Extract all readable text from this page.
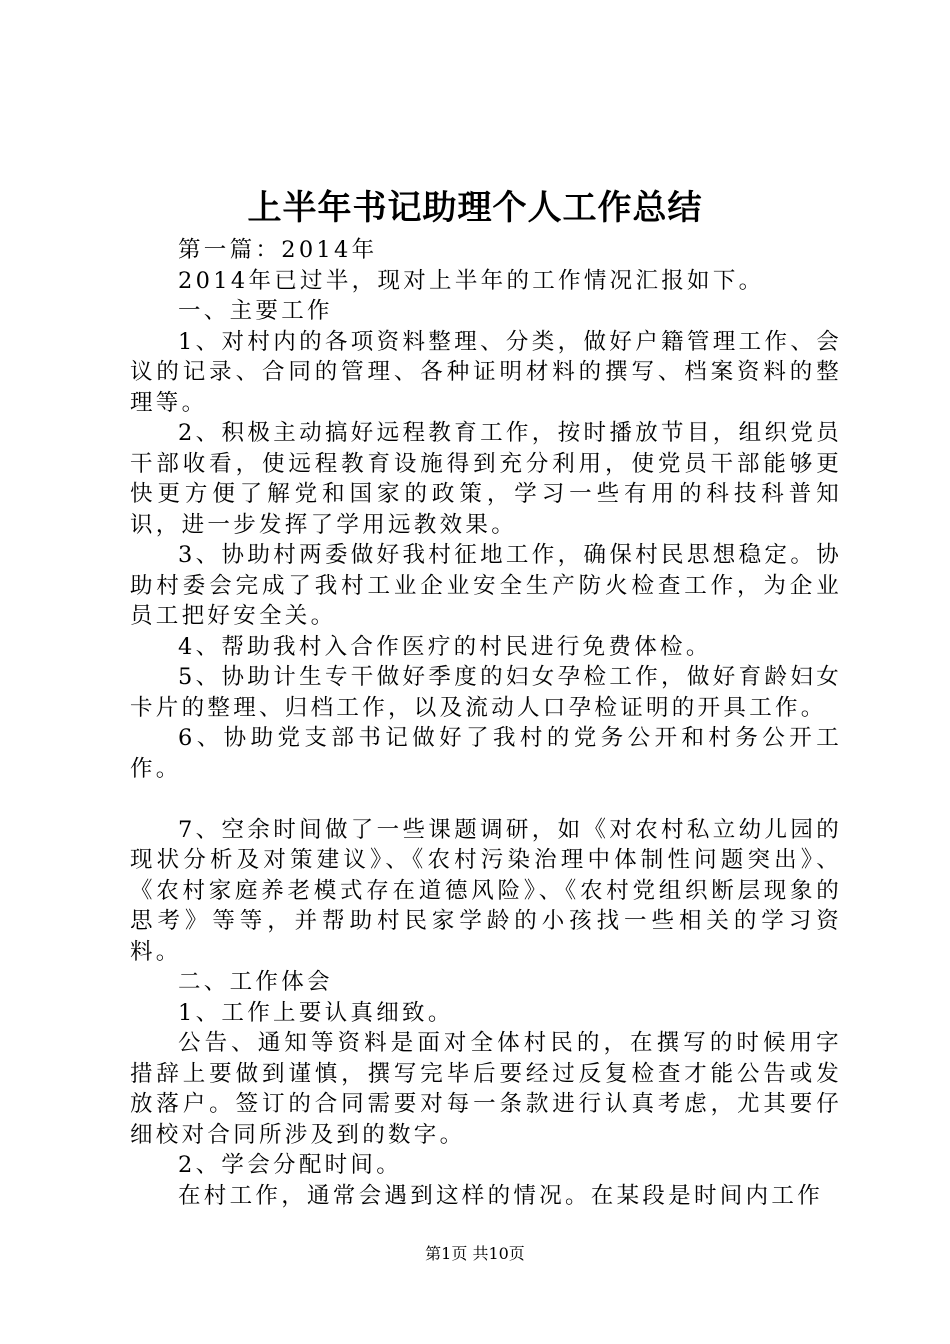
上半年书记助理个人工作总结

第一篇：2014年

2014年已过半，现对上半年的工作情况汇报如下。

一、主要工作

1、对村内的各项资料整理、分类，做好户籍管理工作、会议的记录、合同的管理、各种证明材料的撰写、档案资料的整理等。

2、积极主动搞好远程教育工作，按时播放节目，组织党员干部收看，使远程教育设施得到充分利用，使党员干部能够更快更方便了解党和国家的政策，学习一些有用的科技科普知识，进一步发挥了学用远教效果。

3、协助村两委做好我村征地工作，确保村民思想稳定。协助村委会完成了我村工业企业安全生产防火检查工作，为企业员工把好安全关。

4、帮助我村入合作医疗的村民进行免费体检。

5、协助计生专干做好季度的妇女孕检工作，做好育龄妇女卡片的整理、归档工作，以及流动人口孕检证明的开具工作。

6、协助党支部书记做好了我村的党务公开和村务公开工作。

7、空余时间做了一些课题调研，如《对农村私立幼儿园的现状分析及对策建议》、《农村污染治理中体制性问题突出》、《农村家庭养老模式存在道德风险》、《农村党组织断层现象的思考》等等，并帮助村民家学龄的小孩找一些相关的学习资料。

二、工作体会

1、工作上要认真细致。

公告、通知等资料是面对全体村民的，在撰写的时候用字措辞上要做到谨慎，撰写完毕后要经过反复检查才能公告或发放落户。签订的合同需要对每一条款进行认真考虑，尤其要仔细校对合同所涉及到的数字。

2、学会分配时间。

在村工作，通常会遇到这样的情况。在某段是时间内工作

第1页 共10页
